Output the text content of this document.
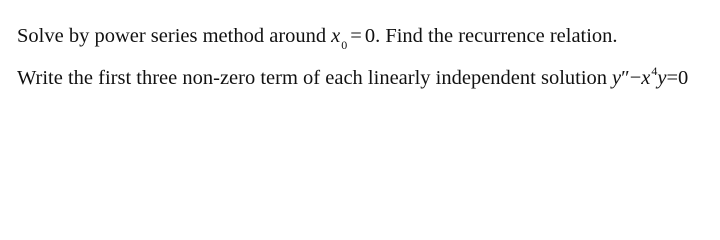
Solve by power series method around $x_0 = 0$. Find the recurrence relation.
Write the first three non-zero term of each linearly independent solution $y''-x^4y=0$
